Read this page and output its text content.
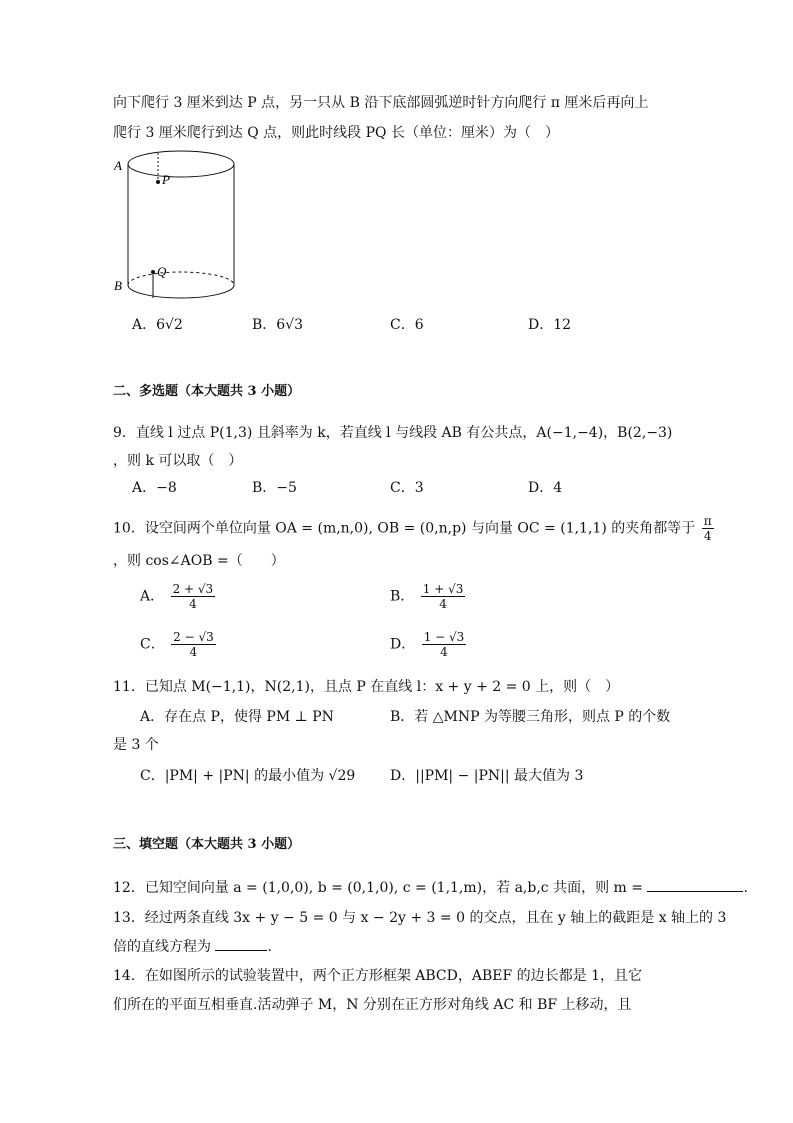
向下爬行 3 厘米到达 P 点，另一只从 B 沿下底部圆弧逆时针方向爬行 π 厘米后再向上
爬行 3 厘米爬行到达 Q 点，则此时线段 PQ 长（单位：厘米）为（　）
A
B
P
Q
A．6√2	B．6√3	C．6	D．12
二、多选题（本大题共 3 小题）
9．直线 l 过点 P(1,3) 且斜率为 k，若直线 l 与线段 AB 有公共点，A(−1,−4)，B(2,−3)
，则 k 可以取（　）
A．−8	B．−5	C．3	D．4
10．设空间两个单位向量 OA = (m,n,0), OB = (0,n,p) 与向量 OC = (1,1,1) 的夹角都等于 $\frac{\pi}{4}$
，则 cos∠AOB =（　　）
A． $\frac{2 + √3}{4}$	B． $\frac{1 + √3}{4}$
C． $\frac{2 - √3}{4}$	D． $\frac{1 - √3}{4}$
11．已知点 M(−1,1)，N(2,1)，且点 P 在直线 l：x + y + 2 = 0 上，则（　）
A．存在点 P，使得 PM ⊥ PN	B．若 △MNP 为等腰三角形，则点 P 的个数
是 3 个
C．|PM| + |PN| 的最小值为 √29 D．||PM| − |PN|| 最大值为 3
三、填空题（本大题共 3 小题）
12．已知空间向量 a = (1,0,0), b = (0,1,0), c = (1,1,m)，若 a,b,c 共面，则 m =	.
13．经过两条直线 3x + y − 5 = 0 与 x − 2y + 3 = 0 的交点，且在 y 轴上的截距是 x 轴上的 3
倍的直线方程为	.
14．在如图所示的试验装置中，两个正方形框架 ABCD，ABEF 的边长都是 1，且它
们所在的平面互相垂直.活动弹子 M，N 分别在正方形对角线 AC 和 BF 上移动，且
